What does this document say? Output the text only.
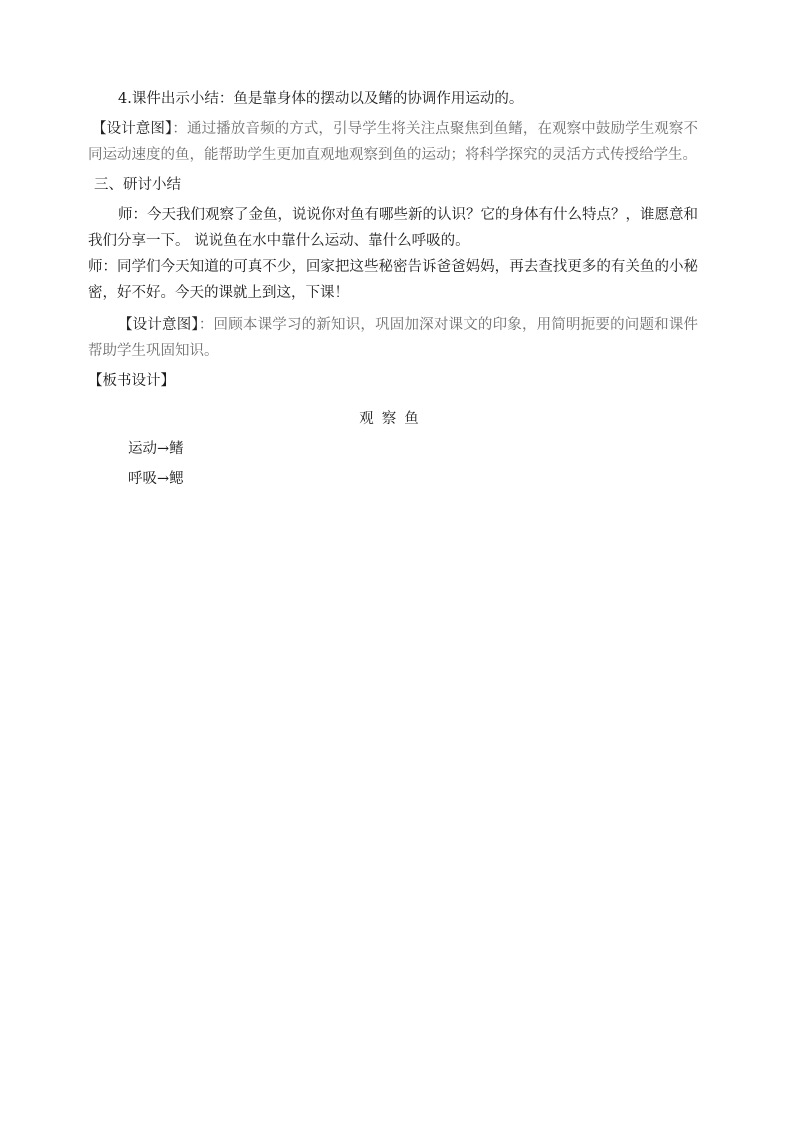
4.课件出示小结：鱼是靠身体的摆动以及鳍的协调作用运动的。

【设计意图】：通过播放音频的方式，引导学生将关注点聚焦到鱼鳍，在观察中鼓励学生观察不同运动速度的鱼，能帮助学生更加直观地观察到鱼的运动；将科学探究的灵活方式传授给学生。

三、研讨小结

师：今天我们观察了金鱼，说说你对鱼有哪些新的认识？它的身体有什么特点？，谁愿意和我们分享一下。 说说鱼在水中靠什么运动、靠什么呼吸的。

师：同学们今天知道的可真不少，回家把这些秘密告诉爸爸妈妈，再去查找更多的有关鱼的小秘密，好不好。今天的课就上到这，下课！

【设计意图】：回顾本课学习的新知识，巩固加深对课文的印象，用简明扼要的问题和课件帮助学生巩固知识。

【板书设计】

观察鱼
运动→鳍
呼吸→鳃
